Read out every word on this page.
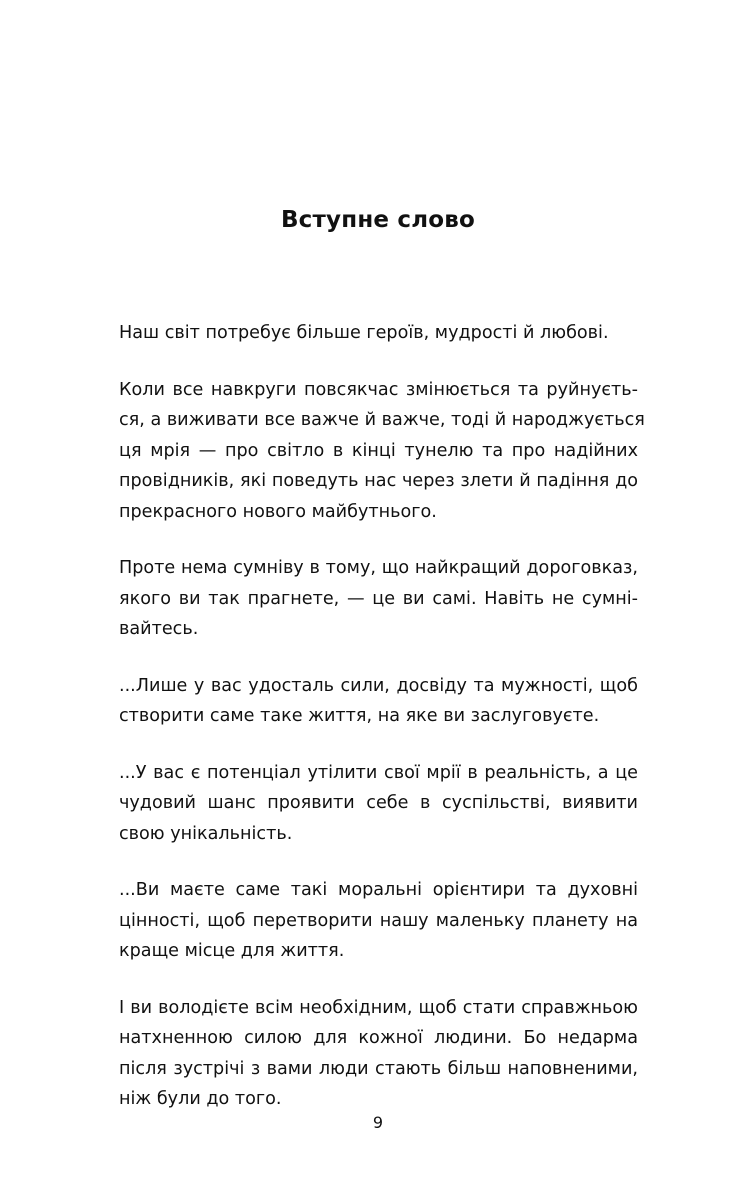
Вступне слово

Наш світ потребує більше героїв, мудрості й любові.

Коли все навкруги повсякчас змінюється та руйнуєть-
ся, а виживати все важче й важче, тоді й народжується
ця мрія — про світло в кінці тунелю та про надійних
провідників, які поведуть нас через злети й падіння до
прекрасного нового майбутнього.

Проте нема сумніву в тому, що найкращий дороговказ,
якого ви так прагнете, — це ви самі. Навіть не сумні-
вайтесь.

...Лише у вас удосталь сили, досвіду та мужності, щоб
створити саме таке життя, на яке ви заслуговуєте.

...У вас є потенціал утілити свої мрії в реальність, а це
чудовий шанс проявити себе в суспільстві, виявити
свою унікальність.

...Ви маєте саме такі моральні орієнтири та духовні
цінності, щоб перетворити нашу маленьку планету на
краще місце для життя.

І ви володієте всім необхідним, щоб стати справжньою
натхненною силою для кожної людини. Бо недарма
після зустрічі з вами люди стають більш наповненими,
ніж були до того.

9
